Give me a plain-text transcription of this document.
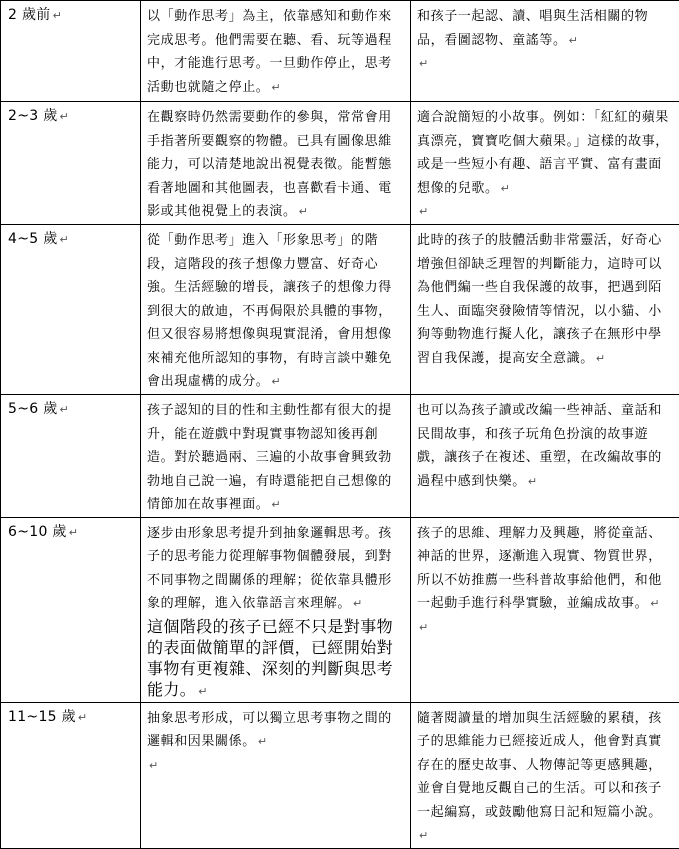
2 歲前 ↵	以「動作思考」為主，依靠感知和動作來完成思考。他們需要在聽、看、玩等過程中，才能進行思考。一旦動作停止，思考活動也就隨之停止。 ↵	和孩子一起認、讀、唱與生活相關的物品，看圖認物、童謠等。 ↵
↵

2~3 歲 ↵	在觀察時仍然需要動作的參與，常常會用手指著所要觀察的物體。已具有圖像思維能力，可以清楚地說出視覺表徵。能暫態看著地圖和其他圖表，也喜歡看卡通、電影或其他視覺上的表演。 ↵	適合說簡短的小故事。例如：「紅紅的蘋果真漂亮，寶寶吃個大蘋果。」這樣的故事，或是一些短小有趣、語言平實、富有畫面想像的兒歌。 ↵
↵

4~5 歲 ↵	從「動作思考」進入「形象思考」的階段，這階段的孩子想像力豐富、好奇心強。生活經驗的增長，讓孩子的想像力得到很大的啟迪，不再侷限於具體的事物，但又很容易將想像與現實混淆，會用想像來補充他所認知的事物，有時言談中難免會出現虛構的成分。 ↵	此時的孩子的肢體活動非常靈活，好奇心增強但卻缺乏理智的判斷能力，這時可以為他們編一些自我保護的故事，把遇到陌生人、面臨突發險情等情況，以小貓、小狗等動物進行擬人化，讓孩子在無形中學習自我保護，提高安全意識。 ↵
5~6 歲 ↵	孩子認知的目的性和主動性都有很大的提升，能在遊戲中對現實事物認知後再創造。對於聽過兩、三遍的小故事會興致勃勃地自己說一遍，有時還能把自己想像的情節加在故事裡面。 ↵	也可以為孩子讀或改編一些神話、童話和民間故事，和孩子玩角色扮演的故事遊戲，讓孩子在複述、重塑，在改編故事的過程中感到快樂。 ↵
6~10 歲 ↵	逐步由形象思考提升到抽象邏輯思考。孩子的思考能力從理解事物個體發展，到對不同事物之間關係的理解；從依靠具體形象的理解，進入依靠語言來理解。 ↵
這個階段的孩子已經不只是對事物的表面做簡單的評價，已經開始對事物有更複雜、深刻的判斷與思考能力。 ↵	孩子的思維、理解力及興趣，將從童話、神話的世界，逐漸進入現實、物質世界，所以不妨推薦一些科普故事給他們，和他一起動手進行科學實驗，並編成故事。 ↵
↵

11~15 歲 ↵	抽象思考形成，可以獨立思考事物之間的邏輯和因果關係。 ↵
↵	隨著閱讀量的增加與生活經驗的累積，孩子的思維能力已經接近成人，他會對真實存在的歷史故事、人物傳記等更感興趣，並會自覺地反觀自己的生活。可以和孩子一起編寫，或鼓勵他寫日記和短篇小說。↵
